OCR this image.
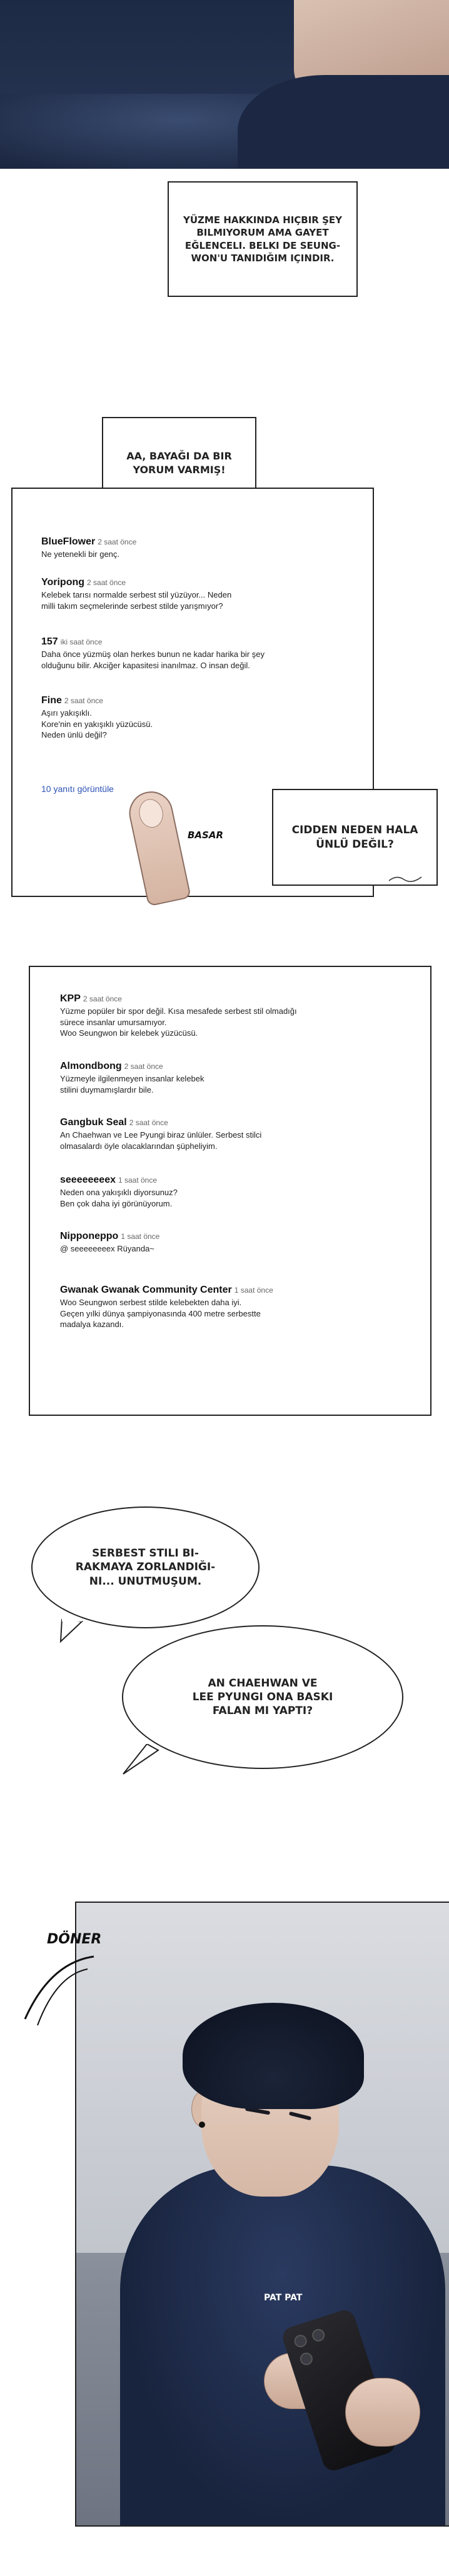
YÜZME HAKKINDA HIÇBIR ŞEY BILMIYORUM AMA GAYET EĞLENCELI. BELKI DE SEUNG-WON'U TANIDIĞIM IÇINDIR.
AA, BAYAĞI DA BIR YORUM VARMIŞ!
BlueFlower 2 saat önce
Ne yetenekli bir genç.
Yoripong 2 saat önce
Kelebek tarısı normalde serbest stil yüzüyor... Neden
milli takım seçmelerinde serbest stilde yarışmıyor?
157 iki saat önce
Daha önce yüzmüş olan herkes bunun ne kadar harika bir şey
olduğunu bilir. Akciğer kapasitesi inanılmaz. O insan değil.
Fine 2 saat önce
Aşırı yakışıklı.
Kore'nin en yakışıklı yüzücüsü.
Neden ünlü değil?
10 yanıtı görüntüle
BASAR	CIDDEN NEDEN HALA ÜNLÜ DEĞIL?
KPP 2 saat önce
Yüzme popüler bir spor değil. Kısa mesafede serbest stil olmadığı
sürece insanlar umursamıyor.
Woo Seungwon bir kelebek yüzücüsü.
Almondbong 2 saat önce
Yüzmeyle ilgilenmeyen insanlar kelebek
stilini duymamışlardır bile.
Gangbuk Seal 2 saat önce
An Chaehwan ve Lee Pyungi biraz ünlüler. Serbest stilci
olmasalardı öyle olacaklarından şüpheliyim.
seeeeeeeex 1 saat önce
Neden ona yakışıklı diyorsunuz?
Ben çok daha iyi görünüyorum.
Nipponeppo 1 saat önce
@ seeeeeeeex Rüyanda~
Gwanak Gwanak Community Center 1 saat önce
Woo Seungwon serbest stilde kelebekten daha iyi.
Geçen yılki dünya şampiyonasında 400 metre serbestte
madalya kazandı.
SERBEST STILI BI-
RAKMAYA ZORLANDIĞI-
NI... UNUTMUŞUM.
AN CHAEHWAN VE
LEE PYUNGI ONA BASKI
FALAN MI YAPTI?
PAT PAT
DÖNER
